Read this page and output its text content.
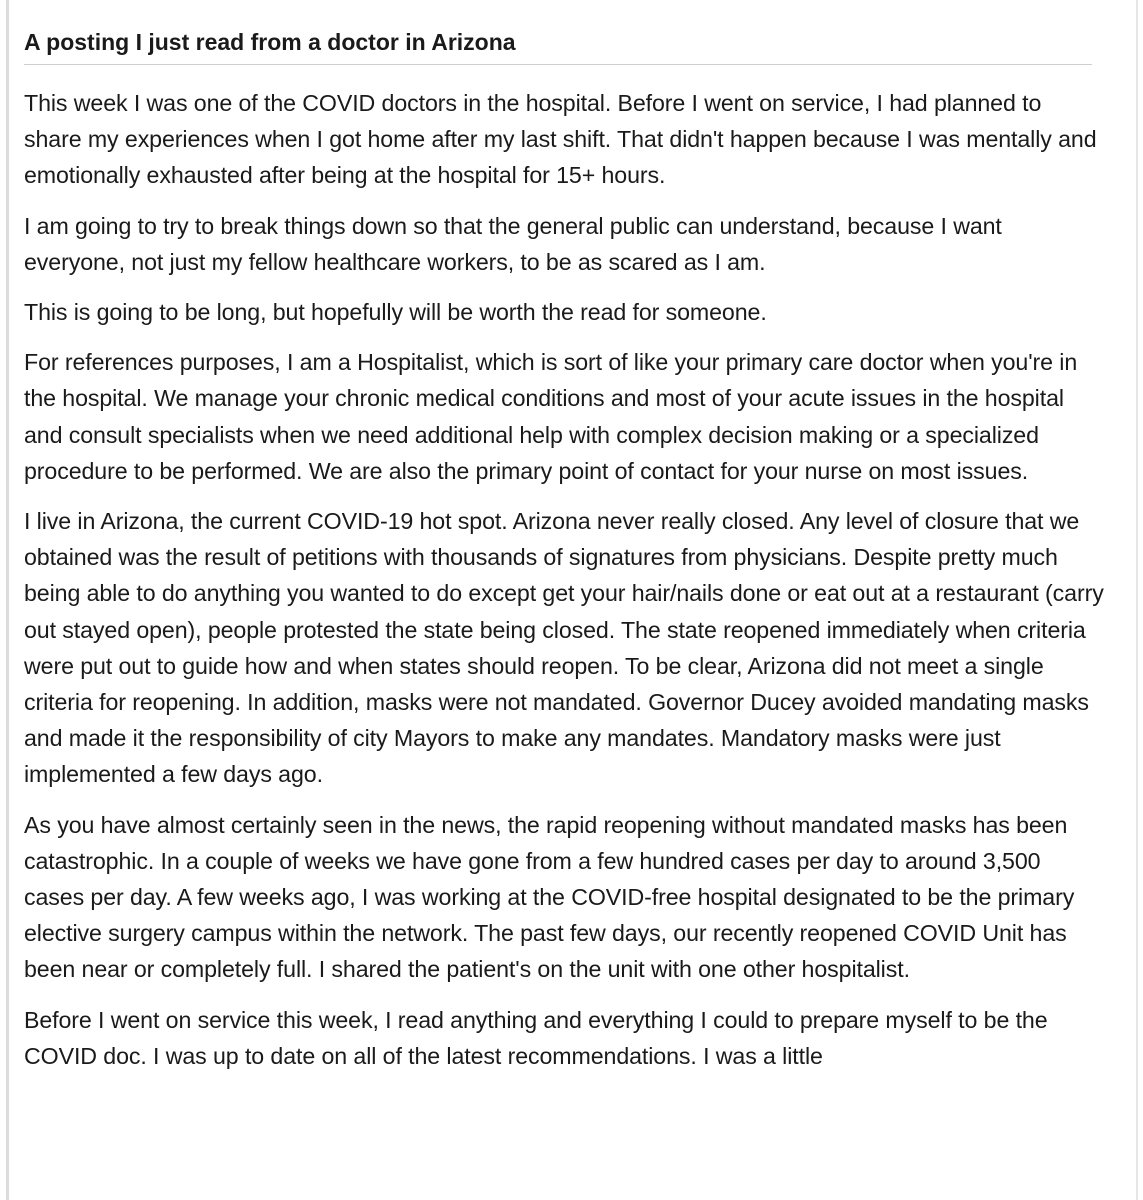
A posting I just read from a doctor in Arizona

This week I was one of the COVID doctors in the hospital. Before I went on service, I had planned to share my experiences when I got home after my last shift. That didn't happen because I was mentally and emotionally exhausted after being at the hospital for 15+ hours.

I am going to try to break things down so that the general public can understand, because I want everyone, not just my fellow healthcare workers, to be as scared as I am.

This is going to be long, but hopefully will be worth the read for someone.

For references purposes, I am a Hospitalist, which is sort of like your primary care doctor when you're in the hospital. We manage your chronic medical conditions and most of your acute issues in the hospital and consult specialists when we need additional help with complex decision making or a specialized procedure to be performed. We are also the primary point of contact for your nurse on most issues.

I live in Arizona, the current COVID-19 hot spot. Arizona never really closed. Any level of closure that we obtained was the result of petitions with thousands of signatures from physicians. Despite pretty much being able to do anything you wanted to do except get your hair/nails done or eat out at a restaurant (carry out stayed open), people protested the state being closed. The state reopened immediately when criteria were put out to guide how and when states should reopen. To be clear, Arizona did not meet a single criteria for reopening. In addition, masks were not mandated. Governor Ducey avoided mandating masks and made it the responsibility of city Mayors to make any mandates. Mandatory masks were just implemented a few days ago.

As you have almost certainly seen in the news, the rapid reopening without mandated masks has been catastrophic. In a couple of weeks we have gone from a few hundred cases per day to around 3,500 cases per day. A few weeks ago, I was working at the COVID-free hospital designated to be the primary elective surgery campus within the network. The past few days, our recently reopened COVID Unit has been near or completely full. I shared the patient's on the unit with one other hospitalist.

Before I went on service this week, I read anything and everything I could to prepare myself to be the COVID doc. I was up to date on all of the latest recommendations. I was a little
